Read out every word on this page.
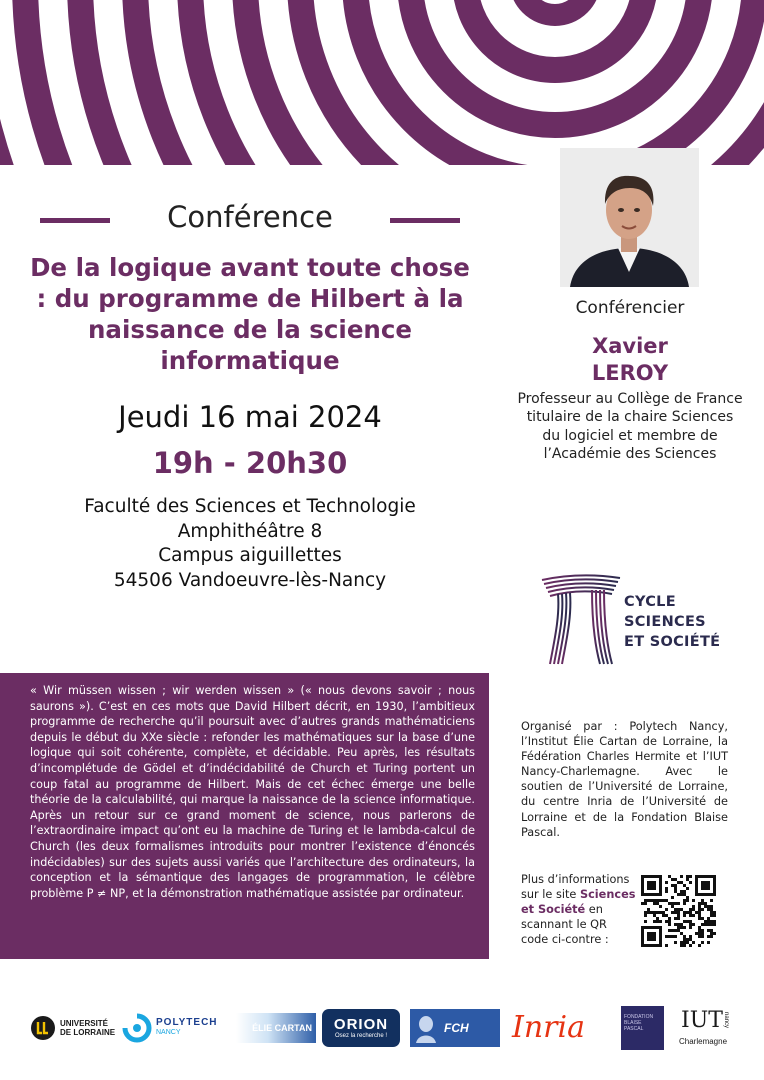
Conférence
De la logique avant toute chose : du programme de Hilbert à la naissance de la science informatique
Jeudi 16 mai 2024
19h - 20h30
Faculté des Sciences et Technologie
Amphithéâtre 8
Campus aiguillettes
54506 Vandoeuvre-lès-Nancy
Conférencier
Xavier
LEROY
Professeur au Collège de France titulaire de la chaire Sciences du logiciel et membre de l’Académie des Sciences
CYCLE
SCIENCES
ET SOCIÉTÉ

« Wir müssen wissen ; wir werden wissen » (« nous devons savoir ; nous saurons »). C’est en ces mots que David Hilbert décrit, en 1930, l’ambitieux programme de recherche qu’il poursuit avec d’autres grands mathématiciens depuis le début du XXe siècle : refonder les mathématiques sur la base d’une logique qui soit cohérente, complète, et décidable. Peu après, les résultats d’incomplétude de Gödel et d’indécidabilité de Church et Turing portent un coup fatal au programme de Hilbert. Mais de cet échec émerge une belle théorie de la calculabilité, qui marque la naissance de la science informatique. Après un retour sur ce grand moment de science, nous parlerons de l’extraordinaire impact qu’ont eu la machine de Turing et le lambda-calcul de Church (les deux formalismes introduits pour montrer l’existence d’énoncés indécidables) sur des sujets aussi variés que l’architecture des ordinateurs, la conception et la sémantique des langages de programmation, le célèbre problème P ≠ NP, et la démonstration mathématique assistée par ordinateur.

Organisé par : Polytech Nancy, l’Institut Élie Cartan de Lorraine, la Fédération Charles Hermite et l’IUT Nancy-Charlemagne. Avec le soutien de l’Université de Lorraine, du centre Inria de l’Université de Lorraine et de la Fondation Blaise Pascal.
Plus d’informations sur le site Sciences et Société en scannant le QR code ci-contre :
UNIVERSITÉ
DE LORRAINE
POLYTECH
NANCY	ÉLIE CARTAN ORION
Osez la recherche !
FCH Inria	FONDATION
BLAISE
PASCAL	IUT nancy
Charlemagne
